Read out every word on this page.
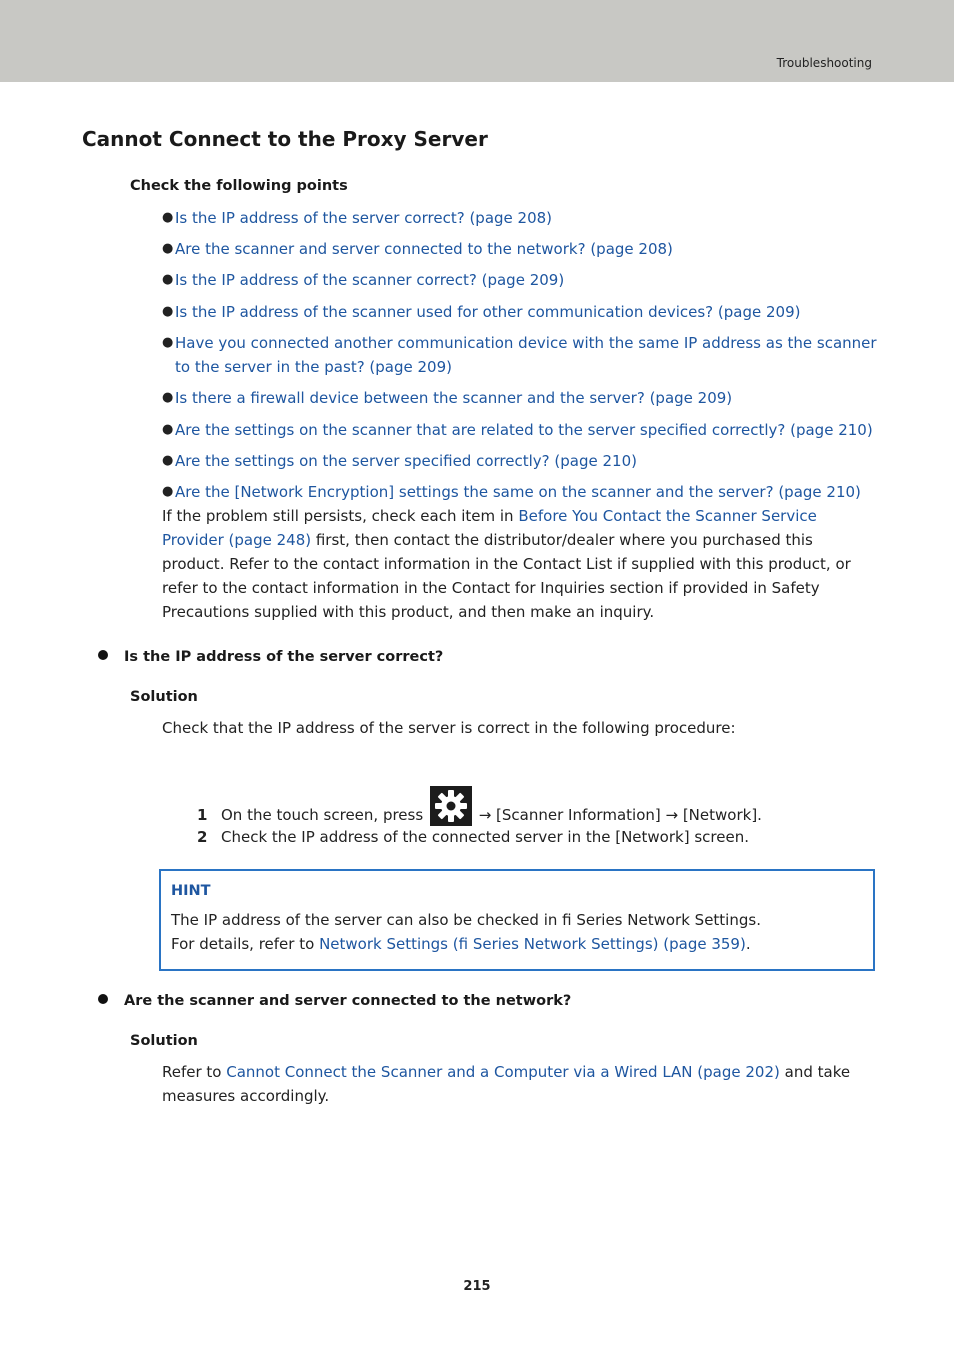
Troubleshooting
Cannot Connect to the Proxy Server
Check the following points
● Is the IP address of the server correct? (page 208)
● Are the scanner and server connected to the network? (page 208)
● Is the IP address of the scanner correct? (page 209)
● Is the IP address of the scanner used for other communication devices? (page 209)
● Have you connected another communication device with the same IP address as the scanner to the server in the past? (page 209)
● Is there a firewall device between the scanner and the server? (page 209)
● Are the settings on the scanner that are related to the server specified correctly? (page 210)
● Are the settings on the server specified correctly? (page 210)
● Are the [Network Encryption] settings the same on the scanner and the server? (page 210)
If the problem still persists, check each item in Before You Contact the Scanner Service Provider (page 248) first, then contact the distributor/dealer where you purchased this product. Refer to the contact information in the Contact List if supplied with this product, or refer to the contact information in the Contact for Inquiries section if provided in Safety Precautions supplied with this product, and then make an inquiry.
Is the IP address of the server correct?
Solution
Check that the IP address of the server is correct in the following procedure:
1 On the touch screen, press	→ [Scanner Information] → [Network].
2 Check the IP address of the connected server in the [Network] screen.
HINT
The IP address of the server can also be checked in fi Series Network Settings.
For details, refer to Network Settings (fi Series Network Settings) (page 359).
Are the scanner and server connected to the network?
Solution
Refer to Cannot Connect the Scanner and a Computer via a Wired LAN (page 202) and take measures accordingly.
215
